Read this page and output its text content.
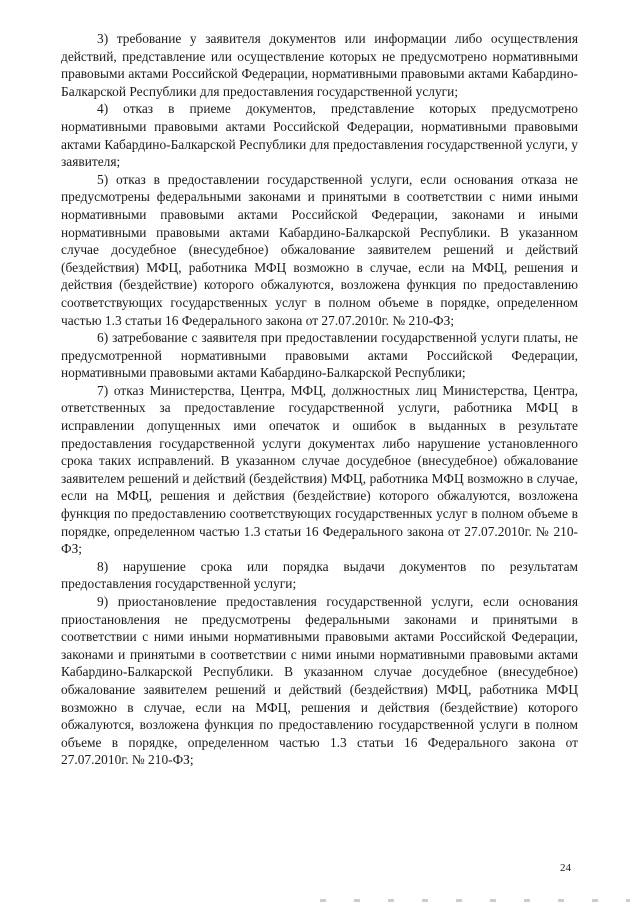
3) требование у заявителя документов или информации либо осуществления действий, представление или осуществление которых не предусмотрено нормативными правовыми актами Российской Федерации, нормативными правовыми актами Кабардино-Балкарской Республики для предоставления государственной услуги;

4) отказ в приеме документов, представление которых предусмотрено нормативными правовыми актами Российской Федерации, нормативными правовыми актами Кабардино-Балкарской Республики для предоставления государственной услуги, у заявителя;

5) отказ в предоставлении государственной услуги, если основания отказа не предусмотрены федеральными законами и принятыми в соответствии с ними иными нормативными правовыми актами Российской Федерации, законами и иными нормативными правовыми актами Кабардино-Балкарской Республики. В указанном случае досудебное (внесудебное) обжалование заявителем решений и действий (бездействия) МФЦ, работника МФЦ возможно в случае, если на МФЦ, решения и действия (бездействие) которого обжалуются, возложена функция по предоставлению соответствующих государственных услуг в полном объеме в порядке, определенном частью 1.3 статьи 16 Федерального закона от 27.07.2010г. № 210-ФЗ;

6) затребование с заявителя при предоставлении государственной услуги платы, не предусмотренной нормативными правовыми актами Российской Федерации, нормативными правовыми актами Кабардино-Балкарской Республики;

7) отказ Министерства, Центра, МФЦ, должностных лиц Министерства, Центра, ответственных за предоставление государственной услуги, работника МФЦ в исправлении допущенных ими опечаток и ошибок в выданных в результате предоставления государственной услуги документах либо нарушение установленного срока таких исправлений. В указанном случае досудебное (внесудебное) обжалование заявителем решений и действий (бездействия) МФЦ, работника МФЦ возможно в случае, если на МФЦ, решения и действия (бездействие) которого обжалуются, возложена функция по предоставлению соответствующих государственных услуг в полном объеме в порядке, определенном частью 1.3 статьи 16 Федерального закона от 27.07.2010г. № 210-ФЗ;

8) нарушение срока или порядка выдачи документов по результатам предоставления государственной услуги;

9) приостановление предоставления государственной услуги, если основания приостановления не предусмотрены федеральными законами и принятыми в соответствии с ними иными нормативными правовыми актами Российской Федерации, законами и принятыми в соответствии с ними иными нормативными правовыми актами Кабардино-Балкарской Республики. В указанном случае досудебное (внесудебное) обжалование заявителем решений и действий (бездействия) МФЦ, работника МФЦ возможно в случае, если на МФЦ, решения и действия (бездействие) которого обжалуются, возложена функция по предоставлению государственной услуги в полном объеме в порядке, определенном частью 1.3 статьи 16 Федерального закона от 27.07.2010г. № 210-ФЗ;

24
